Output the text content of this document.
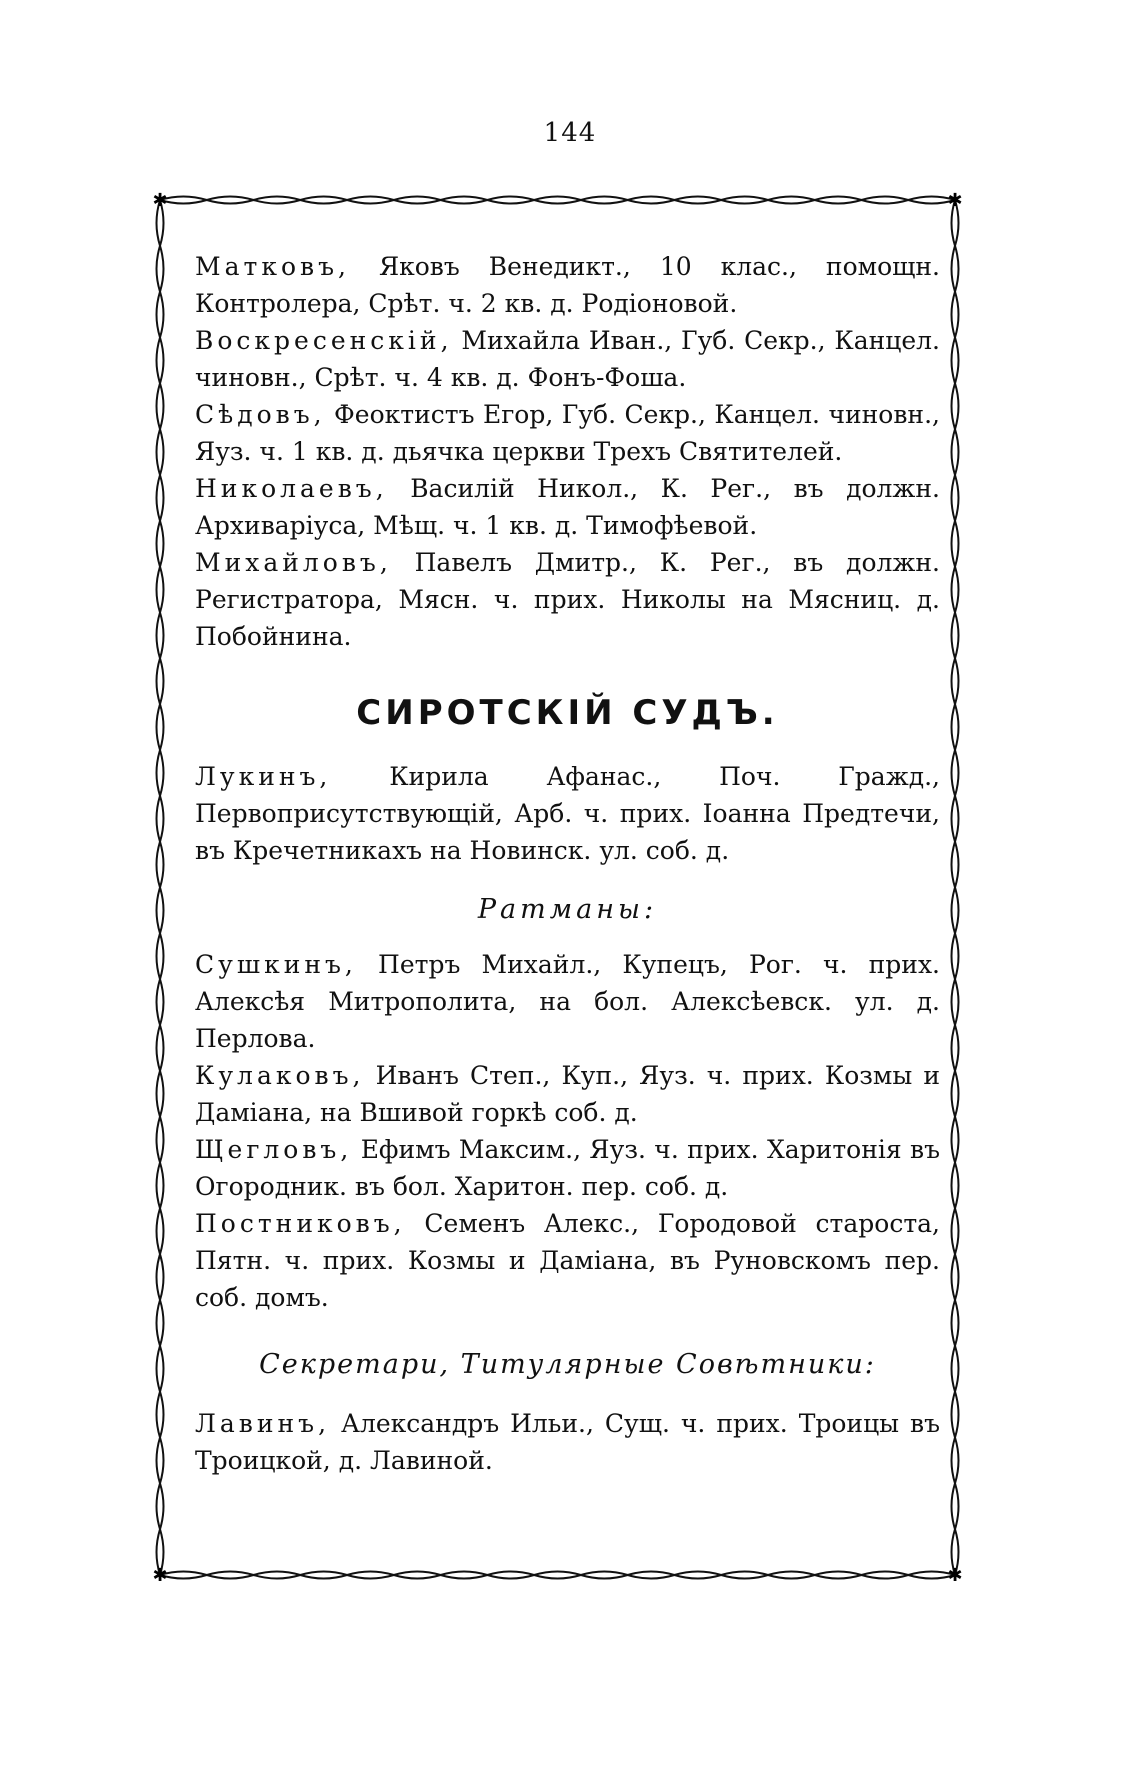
144
✱	✱
✱	✱

Матковъ, Яковъ Венедикт., 10 клас., помощн. Контролера, Срѣт. ч. 2 кв. д. Родіоновой.

Воскресенскій, Михайла Иван., Губ. Секр., Канцел. чиновн., Срѣт. ч. 4 кв. д. Фонъ-Фоша.

Сѣдовъ, Феоктистъ Егор, Губ. Секр., Канцел. чиновн., Яуз. ч. 1 кв. д. дьячка церкви Трехъ Святителей.

Николаевъ, Василій Никол., К. Рег., въ должн. Архиваріуса, Мѣщ. ч. 1 кв. д. Тимофѣевой.

Михайловъ, Павелъ Дмитр., К. Рег., въ должн. Регистратора, Мясн. ч. прих. Николы на Мясниц. д. Побойнина.

СИРОТСКІЙ СУДЪ.

Лукинъ, Кирила Афанас., Поч. Гражд., Первоприсутствующій, Арб. ч. прих. Іоанна Предтечи, въ Кречетникахъ на Новинск. ул. соб. д.

Ратманы:

Сушкинъ, Петръ Михайл., Купецъ, Рог. ч. прих. Алексѣя Митрополита, на бол. Алексѣевск. ул. д. Перлова.

Кулаковъ, Иванъ Степ., Куп., Яуз. ч. прих. Козмы и Даміана, на Вшивой горкѣ соб. д.

Щегловъ, Ефимъ Максим., Яуз. ч. прих. Харитонія въ Огородник. въ бол. Харитон. пер. соб. д.

Постниковъ, Семенъ Алекс., Городовой староста, Пятн. ч. прих. Козмы и Даміана, въ Руновскомъ пер. соб. домъ.

Секретари, Титулярные Совѣтники:

Лавинъ, Александръ Ильи., Сущ. ч. прих. Троицы въ Троицкой, д. Лавиной.
